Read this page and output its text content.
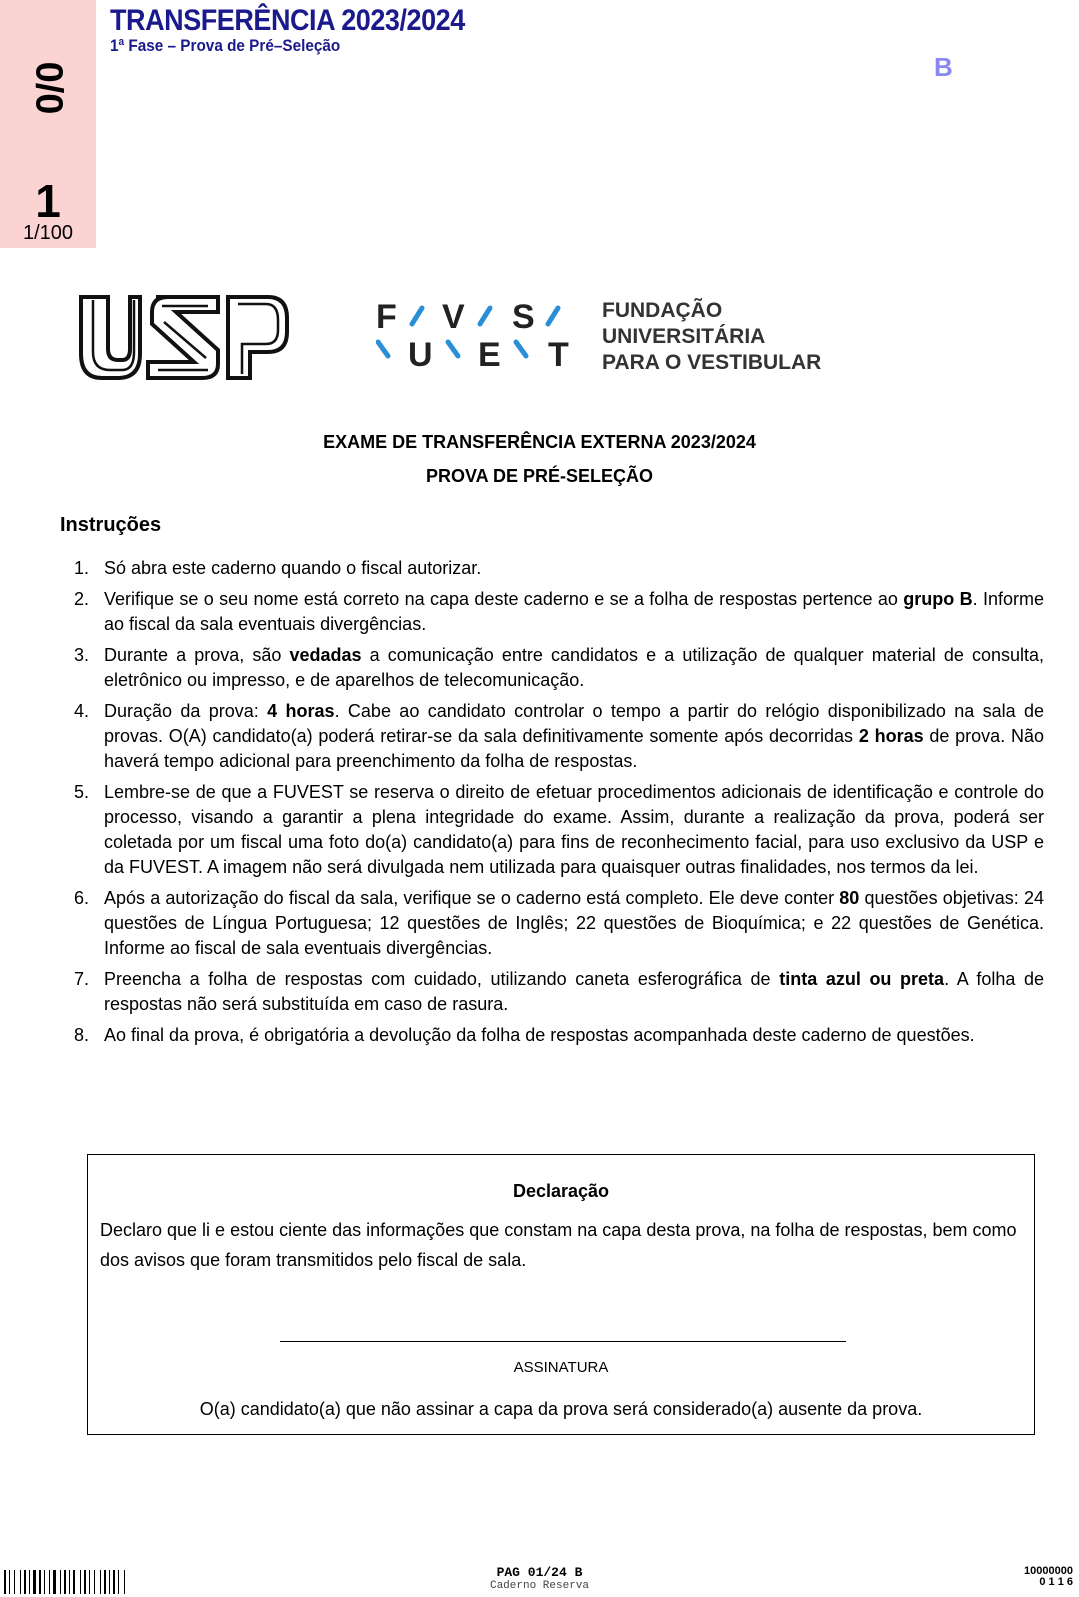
0/0
1
1/100
TRANSFERÊNCIA 2023/2024
1ª Fase – Prova de Pré–Seleção
B
F V S
U E T
FUNDAÇÃO
UNIVERSITÁRIA
PARA O VESTIBULAR
EXAME DE TRANSFERÊNCIA EXTERNA 2023/2024
PROVA DE PRÉ-SELEÇÃO
Instruções
1. Só abra este caderno quando o fiscal autorizar.
2. Verifique se o seu nome está correto na capa deste caderno e se a folha de respostas pertence ao grupo B. Informe ao fiscal da sala eventuais divergências.
3. Durante a prova, são vedadas a comunicação entre candidatos e a utilização de qualquer material de consulta, eletrônico ou impresso, e de aparelhos de telecomunicação.
4. Duração da prova: 4 horas. Cabe ao candidato controlar o tempo a partir do relógio disponibilizado na sala de provas. O(A) candidato(a) poderá retirar-se da sala definitivamente somente após decorridas 2 horas de prova. Não haverá tempo adicional para preenchimento da folha de respostas.
5. Lembre-se de que a FUVEST se reserva o direito de efetuar procedimentos adicionais de identificação e controle do processo, visando a garantir a plena integridade do exame. Assim, durante a realização da prova, poderá ser coletada por um fiscal uma foto do(a) candidato(a) para fins de reconhecimento facial, para uso exclusivo da USP e da FUVEST. A imagem não será divulgada nem utilizada para quaisquer outras finalidades, nos termos da lei.
6. Após a autorização do fiscal da sala, verifique se o caderno está completo. Ele deve conter 80 questões objetivas: 24 questões de Língua Portuguesa; 12 questões de Inglês; 22 questões de Bioquímica; e 22 questões de Genética. Informe ao fiscal de sala eventuais divergências.
7. Preencha a folha de respostas com cuidado, utilizando caneta esferográfica de tinta azul ou preta. A folha de respostas não será substituída em caso de rasura.
8. Ao final da prova, é obrigatória a devolução da folha de respostas acompanhada deste caderno de questões.
Declaração
Declaro que li e estou ciente das informações que constam na capa desta prova, na folha de respostas, bem como dos avisos que foram transmitidos pelo fiscal de sala.
ASSINATURA
O(a) candidato(a) que não assinar a capa da prova será considerado(a) ausente da prova.
PAG 01/24 B
Caderno Reserva
10000000
0 1 1 6
